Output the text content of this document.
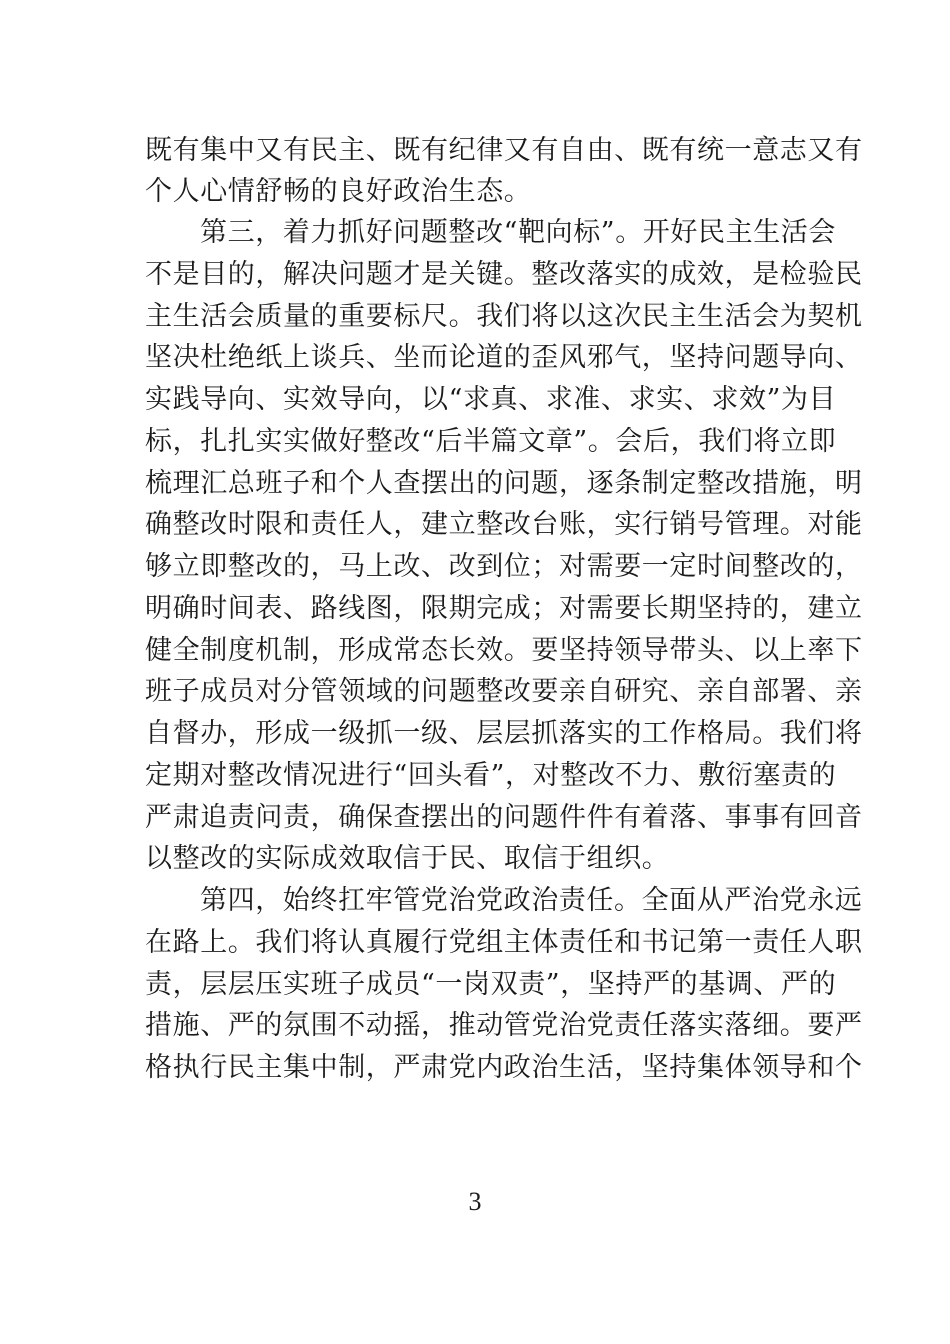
既有集中又有民主、既有纪律又有自由、既有统一意志又有
个人心情舒畅的良好政治生态。
第三，着力抓好问题整改“靶向标”。开好民主生活会
不是目的，解决问题才是关键。整改落实的成效，是检验民
主生活会质量的重要标尺。我们将以这次民主生活会为契机
坚决杜绝纸上谈兵、坐而论道的歪风邪气，坚持问题导向、
实践导向、实效导向，以“求真、求准、求实、求效”为目
标，扎扎实实做好整改“后半篇文章”。会后，我们将立即
梳理汇总班子和个人查摆出的问题，逐条制定整改措施，明
确整改时限和责任人，建立整改台账，实行销号管理。对能
够立即整改的，马上改、改到位；对需要一定时间整改的，
明确时间表、路线图，限期完成；对需要长期坚持的，建立
健全制度机制，形成常态长效。要坚持领导带头、以上率下
班子成员对分管领域的问题整改要亲自研究、亲自部署、亲
自督办，形成一级抓一级、层层抓落实的工作格局。我们将
定期对整改情况进行“回头看”，对整改不力、敷衍塞责的
严肃追责问责，确保查摆出的问题件件有着落、事事有回音
以整改的实际成效取信于民、取信于组织。
第四，始终扛牢管党治党政治责任。全面从严治党永远
在路上。我们将认真履行党组主体责任和书记第一责任人职
责，层层压实班子成员“一岗双责”，坚持严的基调、严的
措施、严的氛围不动摇，推动管党治党责任落实落细。要严
格执行民主集中制，严肃党内政治生活，坚持集体领导和个
3
